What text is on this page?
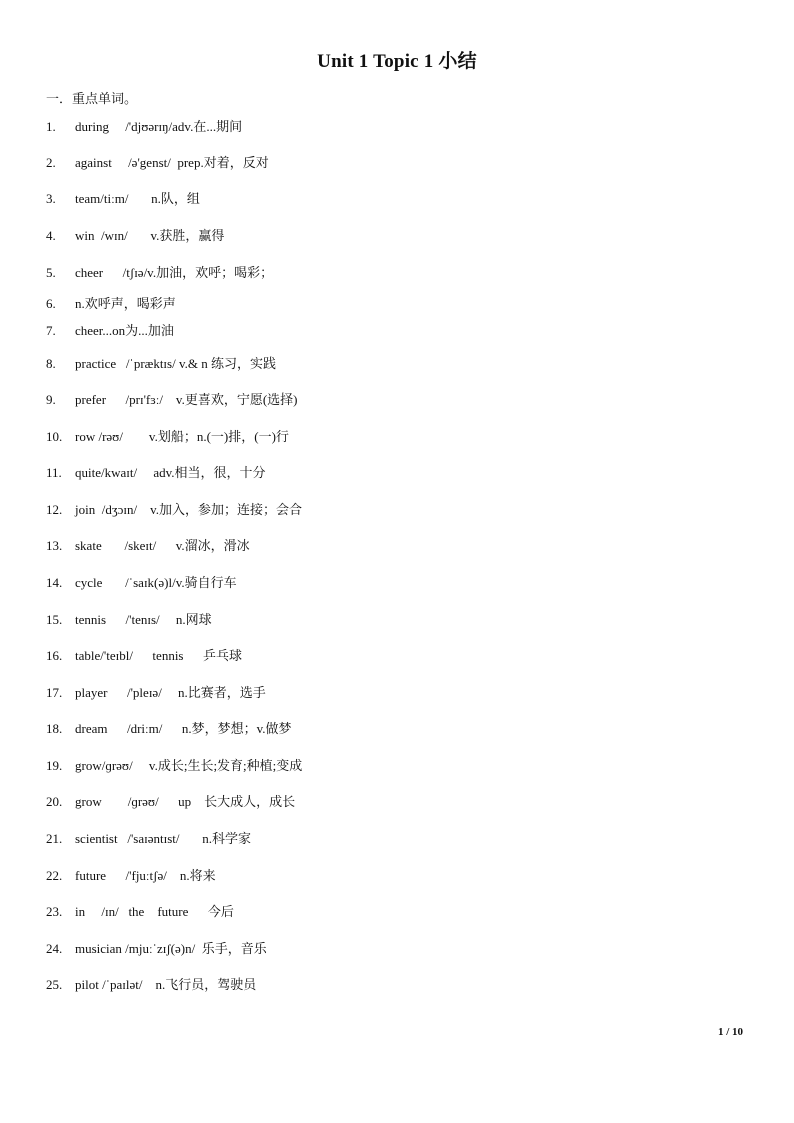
Unit 1 Topic 1 小结
一．重点单词。
1. during     /'djʊərɪŋ/adv.在...期间
2. against     /ə'genst/  prep.对着，反对
3. team/tiːm/       n.队，组
4. win  /wɪn/       v.获胜，赢得
5. cheer      /tʃɪə/v.加油，欢呼；喝彩；
6. n.欢呼声，喝彩声
7. cheer...on为...加油
8. practice   /ˈpræktɪs/ v.& n 练习，实践
9. prefer      /prɪ'fɜː/    v.更喜欢，宁愿(选择)
10. row /rəʊ/        v.划船；n.(一)排，(一)行
11. quite/kwaɪt/     adv.相当，很，十分
12. join  /dʒɔɪn/    v.加入，参加；连接；会合
13. skate       /skeɪt/      v.溜冰，滑冰
14. cycle       /ˈsaɪk(ə)l/v.骑自行车
15. tennis      /'tenɪs/     n.网球
16. table/'teɪbl/      tennis      乒乓球
17. player      /'pleɪə/     n.比赛者，选手
18. dream      /driːm/      n.梦，梦想；v.做梦
19. grow/ɡrəʊ/     v.成长;生长;发育;种植;变成
20. grow        /ɡrəʊ/      up    长大成人，成长
21. scientist   /'saɪəntɪst/       n.科学家
22. future      /'fjuːtʃə/    n.将来
23. in     /ɪn/   the    future      今后
24. musician /mjuːˈzɪʃ(ə)n/  乐手，音乐
25. pilot /ˈpaɪlət/    n.飞行员，驾驶员
1 / 10
